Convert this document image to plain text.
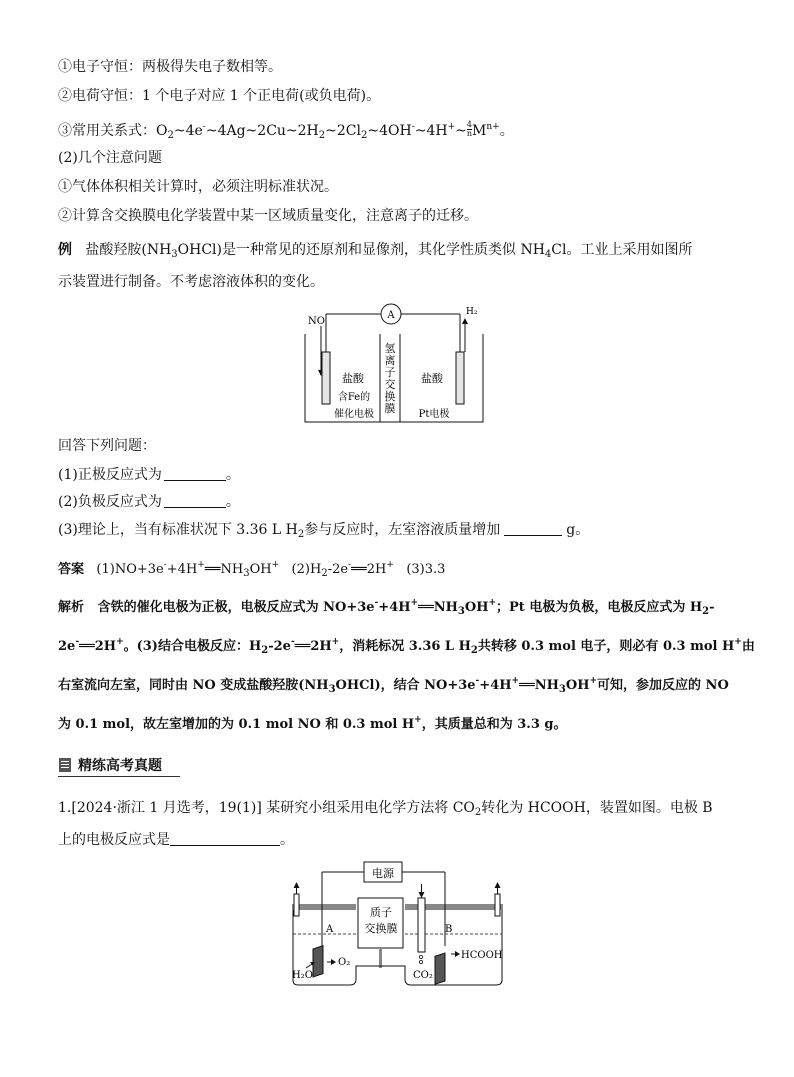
①电子守恒：两极得失电子数相等。
②电荷守恒：1 个电子对应 1 个正电荷(或负电荷)。
③常用关系式：$O_2\sim 4e^-\sim 4Ag\sim 2Cu\sim 2H_2\sim 2Cl_2\sim 4OH^-\sim 4H^+\sim \frac{4}{n} M^{n+}$。
(2)几个注意问题
①气体体积相关计算时，必须注明标准状况。
②计算含交换膜电化学装置中某一区域质量变化，注意离子的迁移。
例 盐酸羟胺$(NH_3OHCl)$是一种常见的还原剂和显像剂，其化学性质类似 $NH_4Cl$。工业上采用如图所
示装置进行制备。不考虑溶液体积的变化。
A
NO
H₂
盐酸
含Fe的
催化电极
氢
离
子
交
换
膜
盐酸
Pt电极
回答下列问题：
(1)正极反应式为	。
(2)负极反应式为	。
(3)理论上，当有标准状况下 3.36 L $H_2$参与反应时，左室溶液质量增加	g。
答案 $(1)NO+3e^-+4H^+══NH_3OH^+$ $(2)H_2-2e^-══2H^+$ (3)3.3
解析 含铁的催化电极为正极，电极反应式为 $NO+3e^-+4H^+══NH_3OH^+$；Pt 电极为负极，电极反应式为 $H_2-$
2e-══2H+。(3)结合电极反应：$H_2-2e^-══2H^+$，消耗标况 3.36 L $H_2$共转移 0.3 mol 电子，则必有 0.3 mol H+由
右室流向左室，同时由 NO 变成盐酸羟胺$(NH_3OHCl)$，结合 $NO+3e^-+4H^+══NH_3OH^+$可知，参加反应的 NO
为 0.1 mol，故左室增加的为 0.1 mol NO 和 0.3 mol H+，其质量总和为 3.3 g。
精练高考真题
1.[2024·浙江 1 月选考，19(1)] 某研究小组采用电化学方法将 $CO_2$转化为 HCOOH，装置如图。电极 B
上的电极反应式是	。
电源
质子
交换膜
A	B
O₂
H₂O
HCOOH
CO₂
